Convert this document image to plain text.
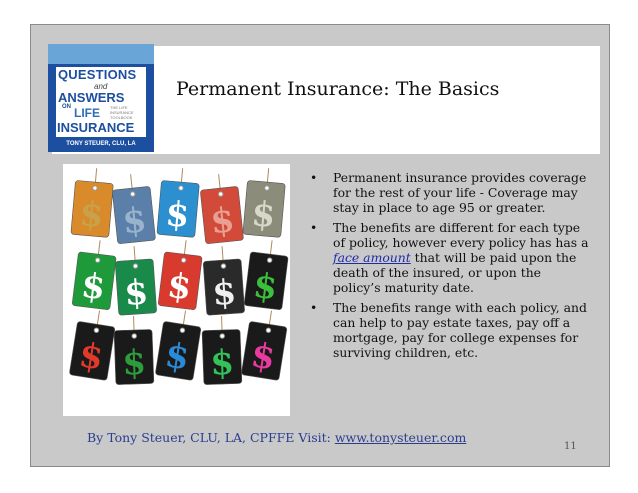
QUESTIONS
and
ANSWERS
ON LIFE	THE LIFE INSURANCE TOOLBOOK
INSURANCE
TONY STEUER, CLU, LA
Permanent Insurance: The Basics
$ $ $ $ $
$ $ $ $ $
$ $ $ $ $
• Permanent insurance provides coverage for the rest of your life - Coverage may stay in place to age 95 or greater.
• The benefits are different for each type of policy, however every policy has has a face amount that will be paid upon the death of the insured, or upon the policy’s maturity date.
• The benefits range with each policy, and can help to pay estate taxes, pay off a mortgage, pay for college expenses for surviving children, etc.
By Tony Steuer, CLU, LA, CPFFE Visit: www.tonysteuer.com
11
